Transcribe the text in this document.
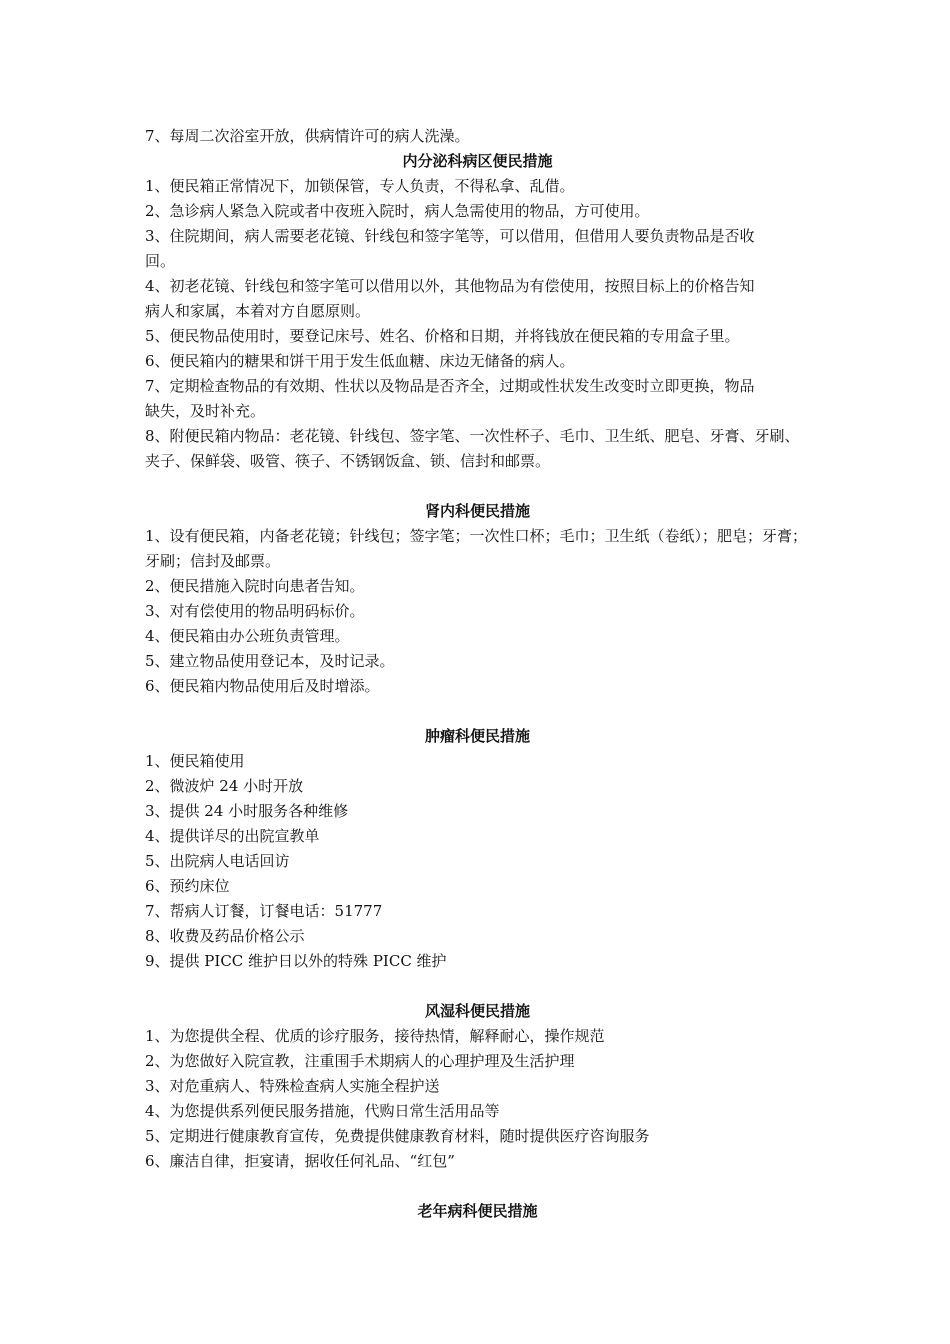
7、每周二次浴室开放，供病情许可的病人洗澡。
内分泌科病区便民措施
1、便民箱正常情况下，加锁保管，专人负责，不得私拿、乱借。
2、急诊病人紧急入院或者中夜班入院时，病人急需使用的物品，方可使用。
3、住院期间，病人需要老花镜、针线包和签字笔等，可以借用，但借用人要负责物品是否收
回。
4、初老花镜、针线包和签字笔可以借用以外，其他物品为有偿使用，按照目标上的价格告知
病人和家属，本着对方自愿原则。
5、便民物品使用时，要登记床号、姓名、价格和日期，并将钱放在便民箱的专用盒子里。
6、便民箱内的糖果和饼干用于发生低血糖、床边无储备的病人。
7、定期检查物品的有效期、性状以及物品是否齐全，过期或性状发生改变时立即更换，物品
缺失，及时补充。
8、附便民箱内物品：老花镜、针线包、签字笔、一次性杯子、毛巾、卫生纸、肥皂、牙膏、牙刷、
夹子、保鲜袋、吸管、筷子、不锈钢饭盒、锁、信封和邮票。
肾内科便民措施
1、设有便民箱，内备老花镜；针线包；签字笔；一次性口杯；毛巾；卫生纸（卷纸）；肥皂；牙膏；
牙刷；信封及邮票。
2、便民措施入院时向患者告知。
3、对有偿使用的物品明码标价。
4、便民箱由办公班负责管理。
5、建立物品使用登记本，及时记录。
6、便民箱内物品使用后及时增添。
肿瘤科便民措施
1、便民箱使用
2、微波炉 24 小时开放
3、提供 24 小时服务各种维修
4、提供详尽的出院宣教单
5、出院病人电话回访
6、预约床位
7、帮病人订餐，订餐电话：51777
8、收费及药品价格公示
9、提供 PICC 维护日以外的特殊 PICC 维护
风湿科便民措施
1、为您提供全程、优质的诊疗服务，接待热情，解释耐心，操作规范
2、为您做好入院宣教，注重围手术期病人的心理护理及生活护理
3、对危重病人、特殊检查病人实施全程护送
4、为您提供系列便民服务措施，代购日常生活用品等
5、定期进行健康教育宣传，免费提供健康教育材料，随时提供医疗咨询服务
6、廉洁自律，拒宴请，据收任何礼品、“红包”
老年病科便民措施
